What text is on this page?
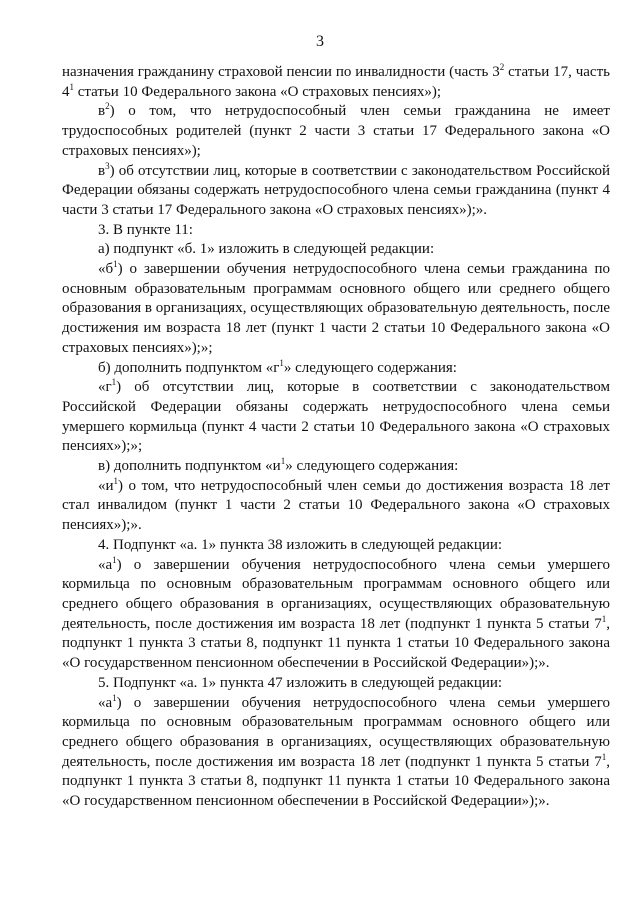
3

назначения гражданину страховой пенсии по инвалидности (часть $3^2$ статьи 17, часть $4^1$ статьи 10 Федерального закона «О страховых пенсиях»);

$в^2$) о том, что нетрудоспособный член семьи гражданина не имеет трудоспособных родителей (пункт 2 части 3 статьи 17 Федерального закона «О страховых пенсиях»);

$в^3$) об отсутствии лиц, которые в соответствии с законодательством Российской Федерации обязаны содержать нетрудоспособного члена семьи гражданина (пункт 4 части 3 статьи 17 Федерального закона «О страховых пенсиях»);».

3. В пункте 11:

а) подпункт «б. 1» изложить в следующей редакции:

«$б^1$) о завершении обучения нетрудоспособного члена семьи гражданина по основным образовательным программам основного общего или среднего общего образования в организациях, осуществляющих образовательную деятельность, после достижения им возраста 18 лет (пункт 1 части 2 статьи 10 Федерального закона «О страховых пенсиях»);»;

б) дополнить подпунктом «$г^1$» следующего содержания:

«$г^1$) об отсутствии лиц, которые в соответствии с законодательством Российской Федерации обязаны содержать нетрудоспособного члена семьи умершего кормильца (пункт 4 части 2 статьи 10 Федерального закона «О страховых пенсиях»);»;

в) дополнить подпунктом «$и^1$» следующего содержания:

«$и^1$) о том, что нетрудоспособный член семьи до достижения возраста 18 лет стал инвалидом (пункт 1 части 2 статьи 10 Федерального закона «О страховых пенсиях»);».

4. Подпункт «а. 1» пункта 38 изложить в следующей редакции:

«$а^1$) о завершении обучения нетрудоспособного члена семьи умершего кормильца по основным образовательным программам основного общего или среднего общего образования в организациях, осуществляющих образовательную деятельность, после достижения им возраста 18 лет (подпункт 1 пункта 5 статьи $7^1$, подпункт 1 пункта 3 статьи 8, подпункт 11 пункта 1 статьи 10 Федерального закона «О государственном пенсионном обеспечении в Российской Федерации»);».

5. Подпункт «а. 1» пункта 47 изложить в следующей редакции:

«$а^1$) о завершении обучения нетрудоспособного члена семьи умершего кормильца по основным образовательным программам основного общего или среднего общего образования в организациях, осуществляющих образовательную деятельность, после достижения им возраста 18 лет (подпункт 1 пункта 5 статьи $7^1$, подпункт 1 пункта 3 статьи 8, подпункт 11 пункта 1 статьи 10 Федерального закона «О государственном пенсионном обеспечении в Российской Федерации»);».
